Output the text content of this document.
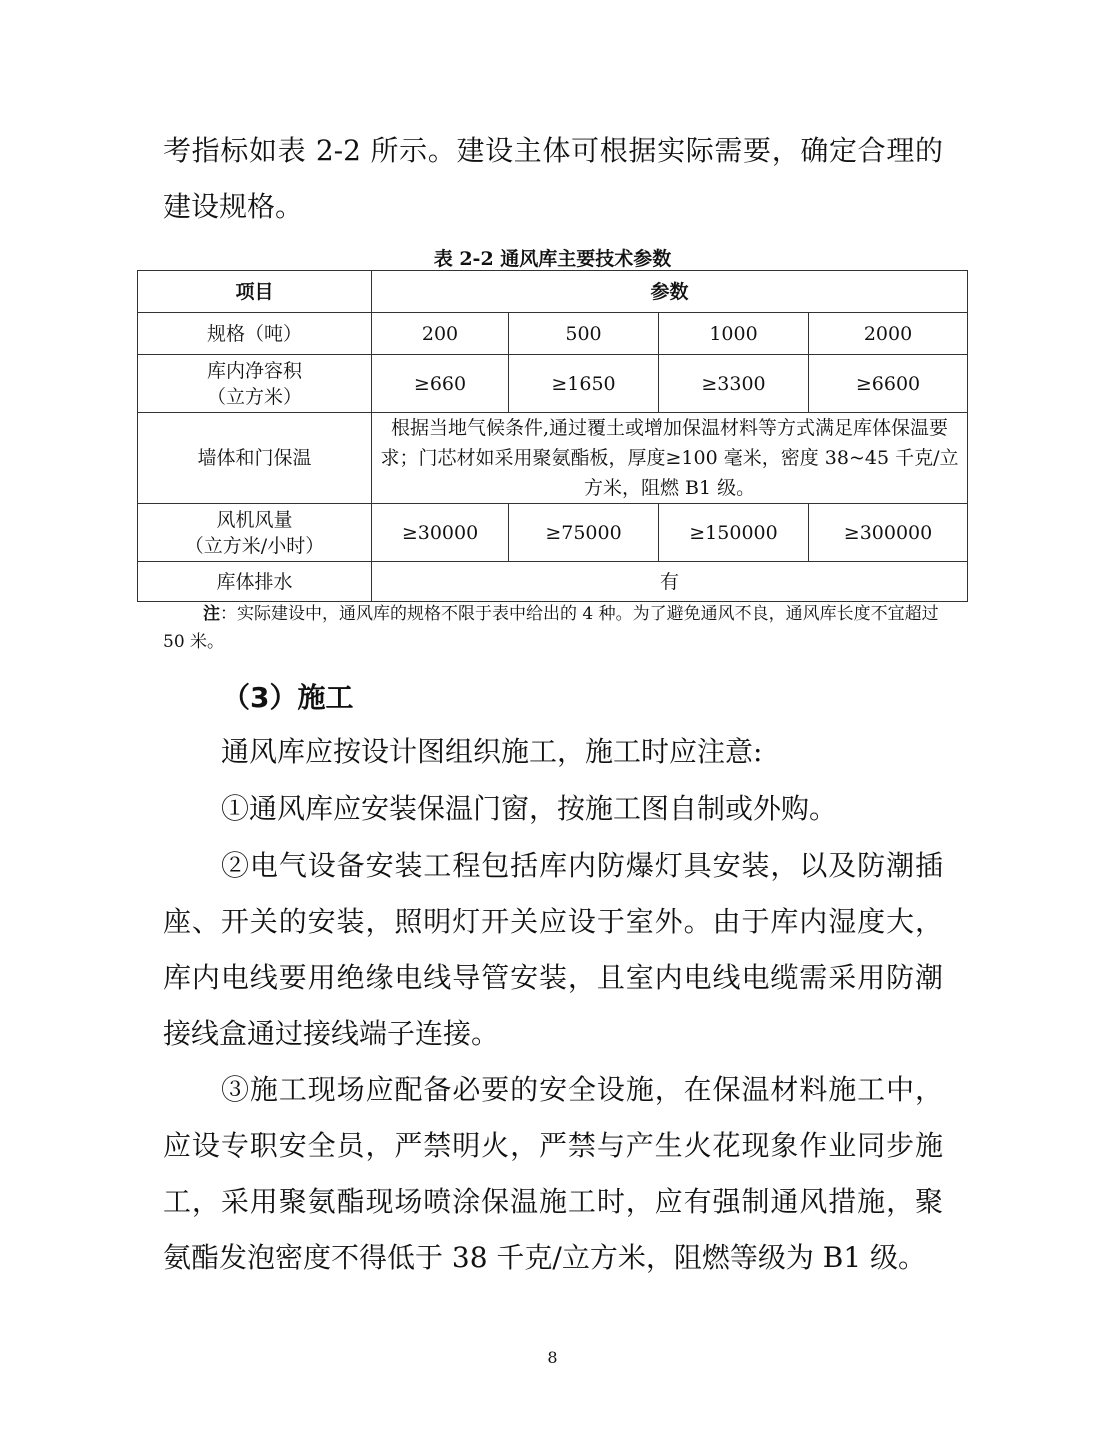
考指标如表 2-2 所示。建设主体可根据实际需要，确定合理的建设规格。

表 2-2 通风库主要技术参数
项目	参数			
规格（吨）	200	500	1000	2000

库内净容积
（立方米）	≥660	≥1650	≥3300	≥6600
墙体和门保温	根据当地气候条件,通过覆土或增加保温材料等方式满足库体保温要求；门芯材如采用聚氨酯板，厚度≥100 毫米，密度 38~45 千克/立方米，阻燃 B1 级。			

风机风量
（立方米/小时）	≥30000	≥75000	≥150000	≥300000
库体排水	有			

注：实际建设中，通风库的规格不限于表中给出的 4 种。为了避免通风不良，通风库长度不宜超过 50 米。

（3）施工

通风库应按设计图组织施工，施工时应注意:

①通风库应安装保温门窗，按施工图自制或外购。

②电气设备安装工程包括库内防爆灯具安装，以及防潮插座、开关的安装，照明灯开关应设于室外。由于库内湿度大，库内电线要用绝缘电线导管安装，且室内电线电缆需采用防潮接线盒通过接线端子连接。

③施工现场应配备必要的安全设施，在保温材料施工中，应设专职安全员，严禁明火，严禁与产生火花现象作业同步施工，采用聚氨酯现场喷涂保温施工时，应有强制通风措施，聚氨酯发泡密度不得低于 38 千克/立方米，阻燃等级为 B1 级。

8
